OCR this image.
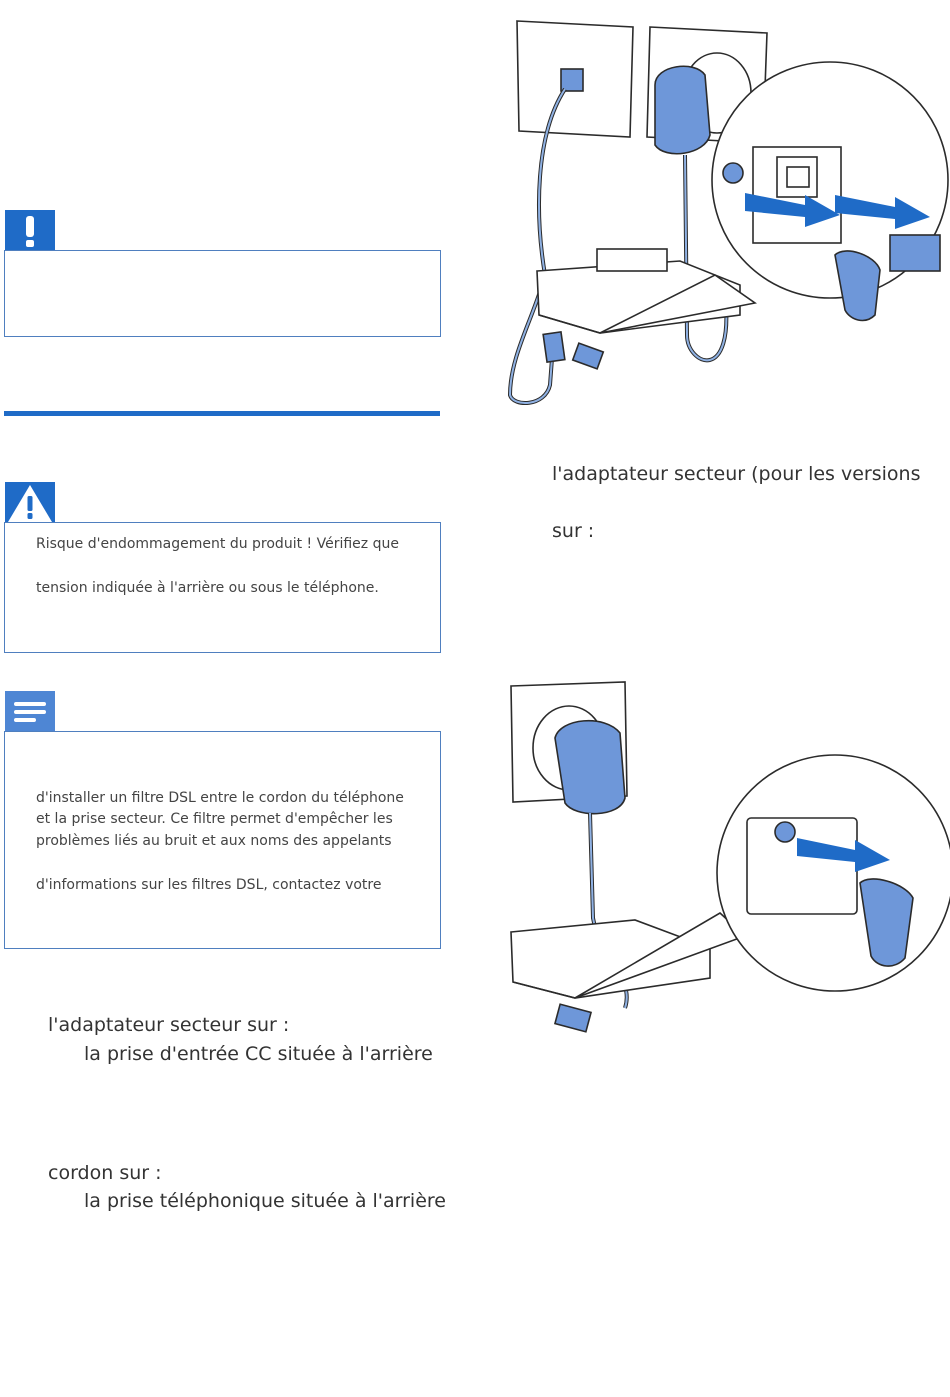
Risque d'endommagement du produit ! Vérifiez que
tension indiquée à l'arrière ou sous le téléphone.
d'installer un filtre DSL entre le cordon du téléphone
et la prise secteur. Ce filtre permet d'empêcher les
problèmes liés au bruit et aux noms des appelants
d'informations sur les filtres DSL, contactez votre
l'adaptateur secteur sur :
la prise d'entrée CC située à l'arrière
cordon sur :
la prise téléphonique située à l'arrière
l'adaptateur secteur (pour les versions
sur :
